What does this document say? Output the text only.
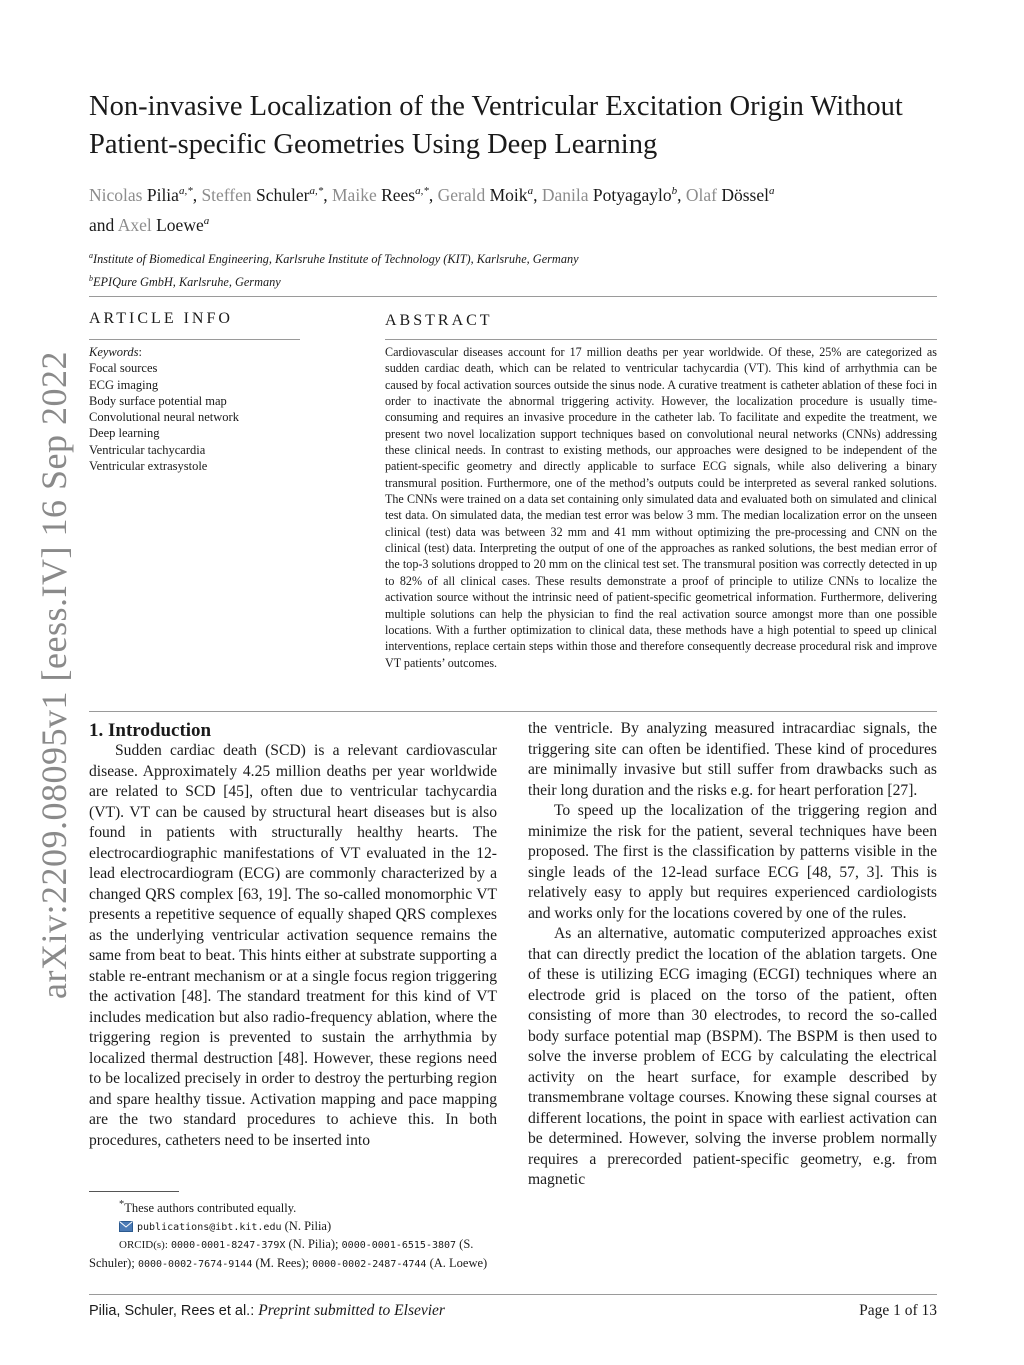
arXiv:2209.08095v1 [eess.IV] 16 Sep 2022
Non-invasive Localization of the Ventricular Excitation Origin Without Patient-specific Geometries Using Deep Learning
Nicolas Pilia$^{a,*}$, Steffen Schuler$^{a,*}$, Maike Rees$^{a,*}$, Gerald Moik$^a$, Danila Potyagaylo$^b$, Olaf Dössel$^a$
and Axel Loewe$^a$
$^a$Institute of Biomedical Engineering, Karlsruhe Institute of Technology (KIT), Karlsruhe, Germany
$^b$EPIQure GmbH, Karlsruhe, Germany
ARTICLE INFO	ABSTRACT
Keywords:
Focal sources
ECG imaging
Body surface potential map
Convolutional neural network
Deep learning
Ventricular tachycardia
Ventricular extrasystole

Cardiovascular diseases account for 17 million deaths per year worldwide. Of these, 25% are categorized as sudden cardiac death, which can be related to ventricular tachycardia (VT). This kind of arrhythmia can be caused by focal activation sources outside the sinus node. A curative treatment is catheter ablation of these foci in order to inactivate the abnormal triggering activity. However, the localization procedure is usually time-consuming and requires an invasive procedure in the catheter lab. To facilitate and expedite the treatment, we present two novel localization support techniques based on convolutional neural networks (CNNs) addressing these clinical needs. In contrast to existing methods, our approaches were designed to be independent of the patient-specific geometry and directly applicable to surface ECG signals, while also delivering a binary transmural position. Furthermore, one of the method’s outputs could be interpreted as several ranked solutions. The CNNs were trained on a data set containing only simulated data and evaluated both on simulated and clinical test data. On simulated data, the median test error was below 3 mm. The median localization error on the unseen clinical (test) data was between 32 mm and 41 mm without optimizing the pre-processing and CNN on the clinical (test) data. Interpreting the output of one of the approaches as ranked solutions, the best median error of the top-3 solutions dropped to 20 mm on the clinical test set. The transmural position was correctly detected in up to 82% of all clinical cases. These results demonstrate a proof of principle to utilize CNNs to localize the activation source without the intrinsic need of patient-specific geometrical information. Furthermore, delivering multiple solutions can help the physician to find the real activation source amongst more than one possible locations. With a further optimization to clinical data, these methods have a high potential to speed up clinical interventions, replace certain steps within those and therefore consequently decrease procedural risk and improve VT patients’ outcomes.

1. Introduction

Sudden cardiac death (SCD) is a relevant cardiovascular disease. Approximately 4.25 million deaths per year worldwide are related to SCD [45], often due to ventricular tachycardia (VT). VT can be caused by structural heart diseases but is also found in patients with structurally healthy hearts. The electrocardiographic manifestations of VT evaluated in the 12-lead electrocardiogram (ECG) are commonly characterized by a changed QRS complex [63, 19]. The so-called monomorphic VT presents a repetitive sequence of equally shaped QRS complexes as the underlying ventricular activation sequence remains the same from beat to beat. This hints either at substrate supporting a stable re-entrant mechanism or at a single focus region triggering the activation [48]. The standard treatment for this kind of VT includes medication but also radio-frequency ablation, where the triggering region is prevented to sustain the arrhythmia by localized thermal destruction [48]. However, these regions need to be localized precisely in order to destroy the perturbing region and spare healthy tissue. Activation mapping and pace mapping are the two standard procedures to achieve this. In both procedures, catheters need to be inserted into

the ventricle. By analyzing measured intracardiac signals, the triggering site can often be identified. These kind of procedures are minimally invasive but still suffer from drawbacks such as their long duration and the risks e.g. for heart perforation [27].

To speed up the localization of the triggering region and minimize the risk for the patient, several techniques have been proposed. The first is the classification by patterns visible in the single leads of the 12-lead surface ECG [48, 57, 3]. This is relatively easy to apply but requires experienced cardiologists and works only for the locations covered by one of the rules.

As an alternative, automatic computerized approaches exist that can directly predict the location of the ablation targets. One of these is utilizing ECG imaging (ECGI) techniques where an electrode grid is placed on the torso of the patient, often consisting of more than 30 electrodes, to record the so-called body surface potential map (BSPM). The BSPM is then used to solve the inverse problem of ECG by calculating the electrical activity on the heart surface, for example described by transmembrane voltage courses. Knowing these signal courses at different locations, the point in space with earliest activation can be determined. However, solving the inverse problem normally requires a prerecorded patient-specific geometry, e.g. from magnetic

*These authors contributed equally.
publications@ibt.kit.edu (N. Pilia)
ORCID(s): 0000-0001-8247-379X (N. Pilia); 0000-0001-6515-3807 (S. Schuler); 0000-0002-7674-9144 (M. Rees); 0000-0002-2487-4744 (A. Loewe)
Pilia, Schuler, Rees et al.: Preprint submitted to Elsevier	Page 1 of 13
